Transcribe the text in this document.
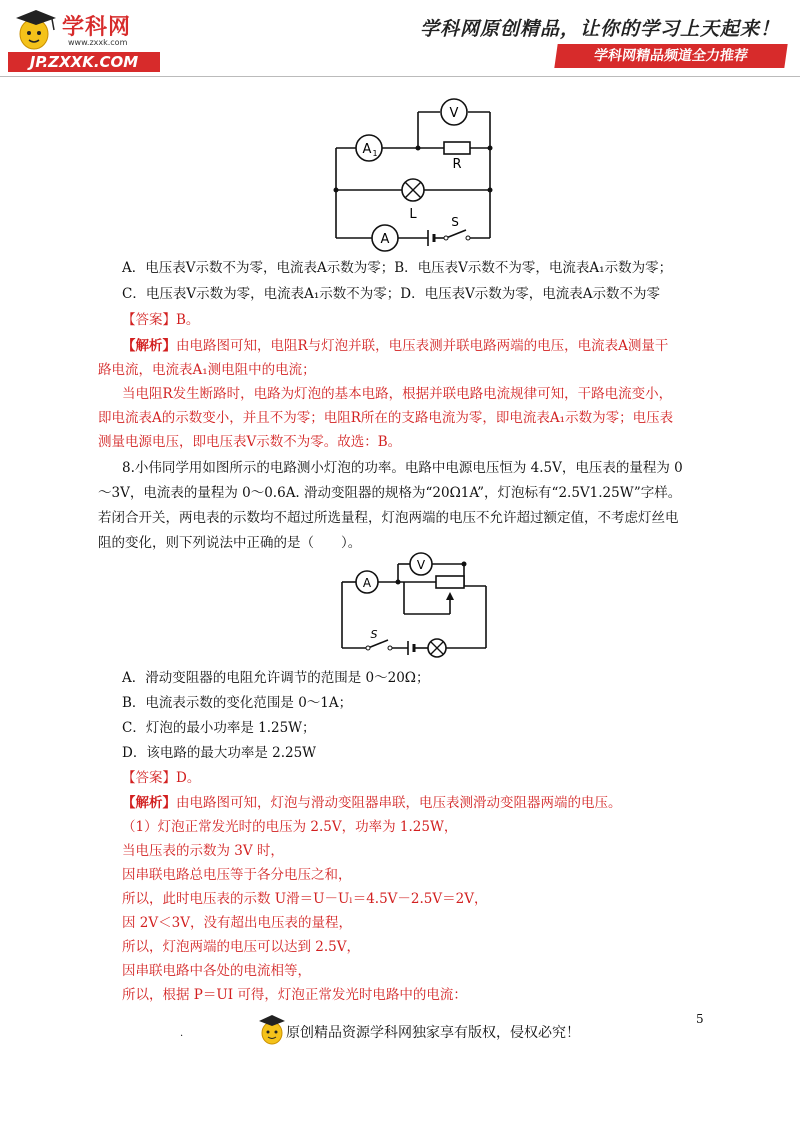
学科网
www.zxxk.com
JP.ZXXK.COM
学科网原创精品，让你的学习上天起来！
学科网精品频道全力推荐
V
A 1
R
L
A
S
A．电压表V示数不为零，电流表A示数为零；B．电压表V示数不为零，电流表A₁示数为零；
C．电压表V示数为零，电流表A₁示数不为零；D．电压表V示数为零，电流表A示数不为零
【答案】B。
【解析】由电路图可知，电阻R与灯泡并联，电压表测并联电路两端的电压，电流表A测量干
路电流，电流表A₁测电阻中的电流；
当电阻R发生断路时，电路为灯泡的基本电路，根据并联电路电流规律可知，干路电流变小，
即电流表A的示数变小，并且不为零；电阻R所在的支路电流为零，即电流表A₁示数为零；电压表
测量电源电压，即电压表V示数不为零。故选：B。
8.小伟同学用如图所示的电路测小灯泡的功率。电路中电源电压恒为 4.5V，电压表的量程为 0
～3V，电流表的量程为 0～0.6A. 滑动变阻器的规格为“20Ω1A”，灯泡标有“2.5V1.25W”字样。
若闭合开关，两电表的示数均不超过所选量程，灯泡两端的电压不允许超过额定值，不考虑灯丝电
阻的变化，则下列说法中正确的是（　　）。
A
V
S
A．滑动变阻器的电阻允许调节的范围是 0～20Ω；
B．电流表示数的变化范围是 0～1A；
C．灯泡的最小功率是 1.25W；
D．该电路的最大功率是 2.25W
【答案】D。
【解析】由电路图可知，灯泡与滑动变阻器串联，电压表测滑动变阻器两端的电压。
（1）灯泡正常发光时的电压为 2.5V，功率为 1.25W，
当电压表的示数为 3V 时，
因串联电路总电压等于各分电压之和，
所以，此时电压表的示数 U滑＝U－Uₗ＝4.5V－2.5V＝2V，
因 2V＜3V，没有超出电压表的量程，
所以，灯泡两端的电压可以达到 2.5V，
因串联电路中各处的电流相等，
所以，根据 P＝UI 可得，灯泡正常发光时电路中的电流：
5
.	原创精品资源学科网独家享有版权，侵权必究！
